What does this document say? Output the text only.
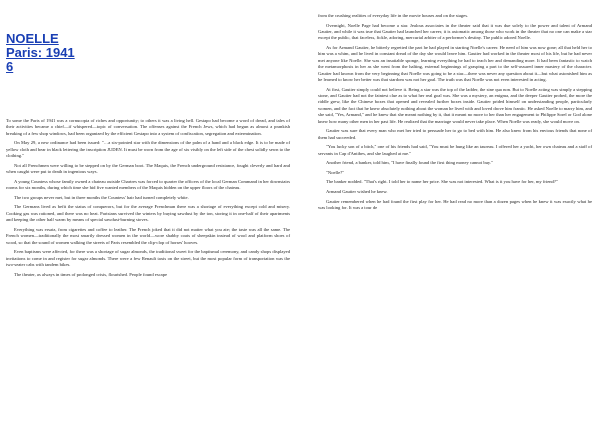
NOELLE
Paris: 1941
6

To some the Paris of 1941 was a cornucopia of riches and opportunity; to others it was a living hell. Gestapo had become a word of dread, and tales of their activities became a chief—if whispered—topic of conversation. The offenses against the French Jews, which had begun as almost a prankish breaking of a few shop windows, had been organized by the efficient Gestapo into a system of confiscation, segregation and extermination.

On May 29, a new ordinance had been issued: "…a six-pointed star with the dimensions of the palm of a hand and a black edge. It is to be made of yellow cloth and bear in black lettering the inscription JUDEN. It must be worn from the age of six visibly on the left side of the chest solidly sewn to the clothing."

Not all Frenchmen were willing to be stepped on by the German boot. The Maquis, the French underground resistance, fought cleverly and hard and when caught were put to death in ingenious ways.

A young Countess whose family owned a chateau outside Chartres was forced to quarter the officers of the local German Command in her downstairs rooms for six months, during which time she hid five wanted members of the Maquis hidden on the upper floors of the chateau.

The two groups never met, but in three months the Countess' hair had turned completely white.

The Germans lived as befit the status of conquerors, but for the average Frenchman there was a shortage of everything except cold and misery. Cooking gas was rationed, and there was no heat. Parisians survived the winters by buying sawdust by the ton, storing it in one-half of their apartments and keeping the other half warm by means of special sawdust-burning stoves.

Everything was ersatz, from cigarettes and coffee to leather. The French joked that it did not matter what you ate; the taste was all the same. The French women—traditionally the most smartly dressed women in the world—wore shabby coats of sheepskin instead of wool and platform shoes of wood, so that the sound of women walking the streets of Paris resembled the clip-clop of horses' hooves.

Even baptisms were affected, for there was a shortage of sugar almonds, the traditional sweet for the baptismal ceremony, and candy shops displayed invitations to come in and register for sugar almonds. There were a few Renault taxis on the street, but the most popular form of transportation was the two-seater cabs with tandem bikes.

The theater, as always in times of prolonged crisis, flourished. People found escape

from the crushing realities of everyday life in the movie houses and on the stages.

Overnight, Noelle Page had become a star. Jealous associates in the theater said that it was due solely to the power and talent of Armand Gautier, and while it was true that Gautier had launched her career, it is axiomatic among those who work in the theater that no one can make a star except the public, that faceless, fickle, adoring, mercurial arbiter of a performer's destiny. The public adored Noelle.

As for Armand Gautier, he bitterly regretted the part he had played in starting Noelle's career. He need of him was now gone; all that held her to him was a whim, and he lived in constant dread of the day she would leave him. Gautier had worked in the theater most of his life, but he had never met anyone like Noelle. She was an insatiable sponge, learning everything he had to teach her and demanding more. It had been fantastic to watch the metamorphosis in her as she went from the halting, external beginnings of grasping a part to the self-assured inner mastery of the character. Gautier had known from the very beginning that Noelle was going to be a star—there was never any question about it—but what astonished him as he learned to know her better was that stardom was not her goal. The truth was that Noelle was not even interested in acting.

At first, Gautier simply could not believe it. Being a star was the top of the ladder, the sine qua non. But to Noelle acting was simply a stepping stone, and Gautier had not the faintest clue as to what her real goal was. She was a mystery, an enigma, and the deeper Gautier probed, the more the riddle grew, like the Chinese boxes that opened and revealed further boxes inside. Gautier prided himself on understanding people, particularly women, and the fact that he knew absolutely nothing about the woman he lived with and loved drove him frantic. He asked Noelle to marry him, and she said, "Yes, Armand," and he knew that she meant nothing by it, that it meant no more to her than her engagement to Philippe Sorel or God alone knew how many other men in her past life. He realized that the marriage would never take place. When Noelle was ready, she would move on.

Gautier was sure that every man who met her tried to persuade her to go to bed with him. He also knew from his envious friends that none of them had succeeded.

"You lucky son of a bitch," one of his friends had said, "You must be hung like an taureau. I offered her a yacht, her own chateau and a staff of servants in Cap d'Antibes, and she laughed at me."

Another friend, a banker, told him, "I have finally found the first thing money cannot buy."

"Noelle?"

The banker nodded. "That's right. I told her to name her price. She was not interested. What is it you have for her, my friend?"

Armand Gautier wished he knew.

Gautier remembered when he had found the first play for her. He had read no more than a dozen pages when he knew it was exactly what he was looking for. It was a tour de
